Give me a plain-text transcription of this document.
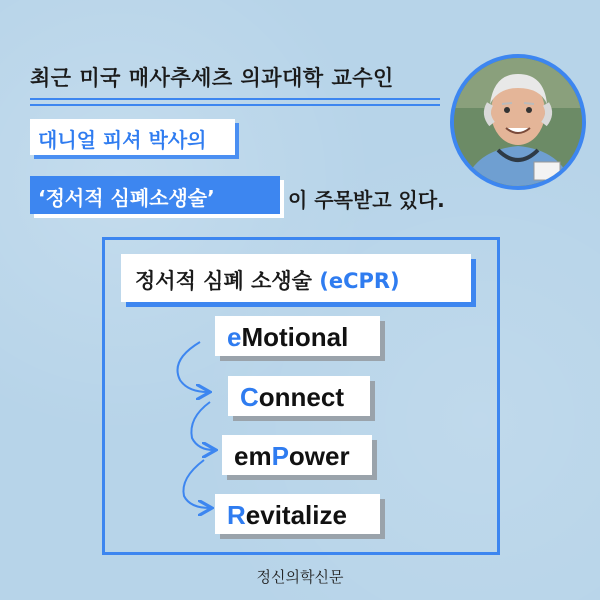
최근 미국 매사추세츠 의과대학 교수인
대니얼 피셔 박사의
‘정서적 심폐소생술’	이 주목받고 있다.
정서적 심폐 소생술 (eCPR)
eMotional
Connect
emPower
Revitalize
정신의학신문
